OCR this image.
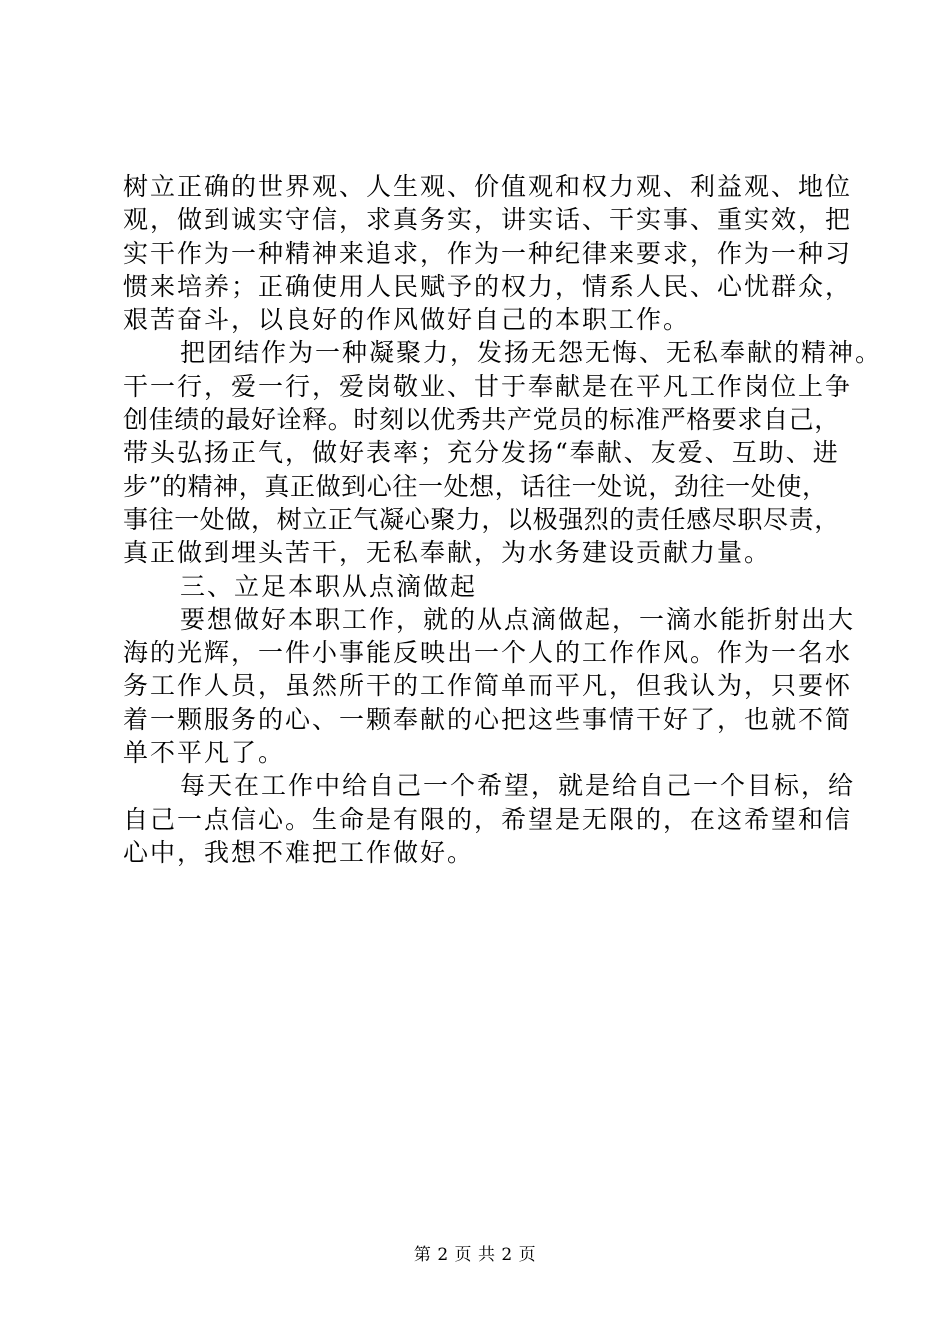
树立正确的世界观、人生观、价值观和权力观、利益观、地位
观，做到诚实守信，求真务实，讲实话、干实事、重实效，把
实干作为一种精神来追求，作为一种纪律来要求，作为一种习
惯来培养；正确使用人民赋予的权力，情系人民、心忧群众，
艰苦奋斗，以良好的作风做好自己的本职工作。
把团结作为一种凝聚力，发扬无怨无悔、无私奉献的精神。
干一行，爱一行，爱岗敬业、甘于奉献是在平凡工作岗位上争
创佳绩的最好诠释。时刻以优秀共产党员的标准严格要求自己，
带头弘扬正气，做好表率；充分发扬“奉献、友爱、互助、进
步”的精神，真正做到心往一处想，话往一处说，劲往一处使，
事往一处做，树立正气凝心聚力，以极强烈的责任感尽职尽责，
真正做到埋头苦干，无私奉献，为水务建设贡献力量。
三、立足本职从点滴做起
要想做好本职工作，就的从点滴做起，一滴水能折射出大
海的光辉，一件小事能反映出一个人的工作作风。作为一名水
务工作人员，虽然所干的工作简单而平凡，但我认为，只要怀
着一颗服务的心、一颗奉献的心把这些事情干好了，也就不简
单不平凡了。
每天在工作中给自己一个希望，就是给自己一个目标，给
自己一点信心。生命是有限的，希望是无限的，在这希望和信
心中，我想不难把工作做好。
第 2 页 共 2 页
